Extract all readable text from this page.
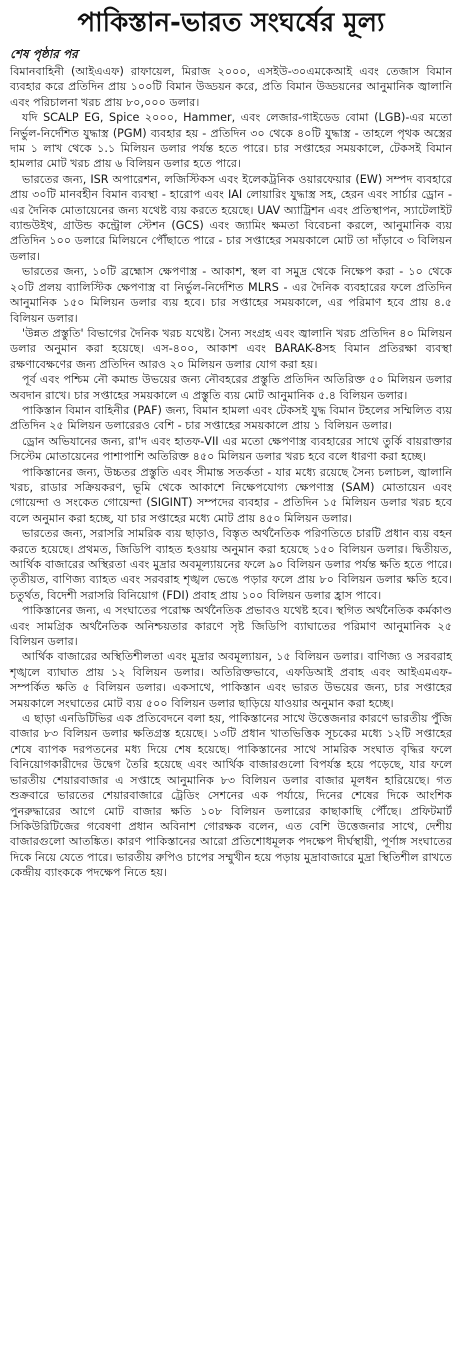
পাকিস্তান-ভারত সংঘর্ষের মূল্য
শেষ পৃষ্ঠার পর

বিমানবাহিনী (আইএএফ) রাফায়েল, মিরাজ ২০০০, এসইউ-৩০এমকেআই এবং তেজাস বিমান ব্যবহার করে প্রতিদিন প্রায় ১০০টি বিমান উড্ডয়ন করে, প্রতি বিমান উড্ডয়নের আনুমানিক জ্বালানি এবং পরিচালনা খরচ প্রায় ৮০,০০০ ডলার।

যদি SCALP EG, Spice ২০০০, Hammer, এবং লেজার-গাইডেড বোমা (LGB)-এর মতো নির্ভুল-নির্দেশিত যুদ্ধাস্ত্র (PGM) ব্যবহার হয় - প্রতিদিন ৩০ থেকে ৪০টি যুদ্ধাস্ত্র - তাহলে পৃথক অস্ত্রের দাম ১ লাখ থেকে ১.১ মিলিয়ন ডলার পর্যন্ত হতে পারে। চার সপ্তাহের সময়কালে, টেকসই বিমান হামলার মোট খরচ প্রায় ৬ বিলিয়ন ডলার হতে পারে।

ভারতের জন্য, ISR অপারেশন, লজিস্টিকস এবং ইলেকট্রনিক ওয়ারফেয়ার (EW) সম্পদ ব্যবহারে প্রায় ৩০টি মানবহীন বিমান ব্যবস্থা - হারোপ এবং IAI লোয়ারিং যুদ্ধাস্ত্র সহ, হেরন এবং সার্চার ড্রোন - এর দৈনিক মোতায়েনের জন্য যথেষ্ট ব্যয় করতে হয়েছে। UAV অ্যাট্রিশন এবং প্রতিস্থাপন, স্যাটেলাইট ব্যান্ডউইথ, গ্রাউন্ড কন্ট্রোল স্টেশন (GCS) এবং জ্যামিং ক্ষমতা বিবেচনা করলে, আনুমানিক ব্যয় প্রতিদিন ১০০ ডলারে মিলিয়নে পৌঁছাতে পারে - চার সপ্তাহের সময়কালে মোট তা দাঁড়াবে ৩ বিলিয়ন ডলার।

ভারতের জন্য, ১০টি ব্রহ্মোস ক্ষেপণাস্ত্র - আকাশ, স্থল বা সমুদ্র থেকে নিক্ষেপ করা - ১০ থেকে ২০টি প্রলয় ব্যালিস্টিক ক্ষেপণাস্ত্র বা নির্ভুল-নির্দেশিত MLRS - এর দৈনিক ব্যবহারের ফলে প্রতিদিন আনুমানিক ১৫০ মিলিয়ন ডলার ব্যয় হবে। চার সপ্তাহের সময়কালে, এর পরিমাণ হবে প্রায় ৪.৫ বিলিয়ন ডলার।

'উন্নত প্রস্তুতি' বিভাগের দৈনিক খরচ যথেষ্ট। সৈন্য সংগ্রহ এবং জ্বালানি খরচ প্রতিদিন ৪০ মিলিয়ন ডলার অনুমান করা হয়েছে। এস-৪০০, আকাশ এবং BARAK-8সহ বিমান প্রতিরক্ষা ব্যবস্থা রক্ষণাবেক্ষণের জন্য প্রতিদিন আরও ২০ মিলিয়ন ডলার যোগ করা হয়।

পূর্ব এবং পশ্চিম নৌ কমান্ড উভয়ের জন্য নৌবহরের প্রস্তুতি প্রতিদিন অতিরিক্ত ৫০ মিলিয়ন ডলার অবদান রাখে। চার সপ্তাহের সময়কালে এ প্রস্তুতি ব্যয় মোট আনুমানিক ৫.৪ বিলিয়ন ডলার।

পাকিস্তান বিমান বাহিনীর (PAF) জন্য, বিমান হামলা এবং টেকসই যুদ্ধ বিমান টহলের সম্মিলিত ব্যয় প্রতিদিন ২৫ মিলিয়ন ডলারেরও বেশি - চার সপ্তাহের সময়কালে প্রায় ১ বিলিয়ন ডলার।

ড্রোন অভিযানের জন্য, রা'দ এবং হাতফ-VII এর মতো ক্ষেপণাস্ত্র ব্যবহারের সাথে তুর্কি বায়রাক্তার সিস্টেম মোতায়েনের পাশাপাশি অতিরিক্ত ৪৫০ মিলিয়ন ডলার খরচ হবে বলে ধারণা করা হচ্ছে।

পাকিস্তানের জন্য, উচ্চতর প্রস্তুতি এবং সীমান্ত সতর্কতা - যার মধ্যে রয়েছে সৈন্য চলাচল, জ্বালানি খরচ, রাডার সক্রিয়করণ, ভূমি থেকে আকাশে নিক্ষেপযোগ্য ক্ষেপণাস্ত্র (SAM) মোতায়েন এবং গোয়েন্দা ও সংকেত গোয়েন্দা (SIGINT) সম্পদের ব্যবহার - প্রতিদিন ১৫ মিলিয়ন ডলার খরচ হবে বলে অনুমান করা হচ্ছে, যা চার সপ্তাহের মধ্যে মোট প্রায় ৪৫০ মিলিয়ন ডলার।

ভারতের জন্য, সরাসরি সামরিক ব্যয় ছাড়াও, বিস্তৃত অর্থনৈতিক পরিণতিতে চারটি প্রধান ব্যয় বহন করতে হয়েছে। প্রথমত, জিডিপি ব্যাহত হওয়ায় অনুমান করা হয়েছে ১৫০ বিলিয়ন ডলার। দ্বিতীয়ত, আর্থিক বাজারের অস্থিরতা এবং মুদ্রার অবমূল্যায়নের ফলে ৯০ বিলিয়ন ডলার পর্যন্ত ক্ষতি হতে পারে। তৃতীয়ত, বাণিজ্য ব্যাহত এবং সরবরাহ শৃঙ্খল ভেঙে পড়ার ফলে প্রায় ৮০ বিলিয়ন ডলার ক্ষতি হবে। চতুর্থত, বিদেশী সরাসরি বিনিয়োগ (FDI) প্রবাহ প্রায় ১০০ বিলিয়ন ডলার হ্রাস পাবে।

পাকিস্তানের জন্য, এ সংঘাতের পরোক্ষ অর্থনৈতিক প্রভাবও যথেষ্ট হবে। স্থগিত অর্থনৈতিক কর্মকাণ্ড এবং সামগ্রিক অর্থনৈতিক অনিশ্চয়তার কারণে সৃষ্ট জিডিপি ব্যাঘাতের পরিমাণ আনুমানিক ২৫ বিলিয়ন ডলার।

আর্থিক বাজারের অস্থিতিশীলতা এবং মুদ্রার অবমূল্যায়ন, ১৫ বিলিয়ন ডলার। বাণিজ্য ও সরবরাহ শৃঙ্খলে ব্যাঘাত প্রায় ১২ বিলিয়ন ডলার। অতিরিক্তভাবে, এফডিআই প্রবাহ এবং আইএমএফ-সম্পর্কিত ক্ষতি ৫ বিলিয়ন ডলার। একসাথে, পাকিস্তান এবং ভারত উভয়ের জন্য, চার সপ্তাহের সময়কালে সংঘাতের মোট ব্যয় ৫০০ বিলিয়ন ডলার ছাড়িয়ে যাওয়ার অনুমান করা হচ্ছে।

এ ছাড়া এনডিটিভির এক প্রতিবেদনে বলা হয়, পাকিস্তানের সাথে উত্তেজনার কারণে ভারতীয় পুঁজি বাজার ৮৩ বিলিয়ন ডলার ক্ষতিগ্রস্ত হয়েছে। ১৩টি প্রধান খাতভিত্তিক সূচকের মধ্যে ১২টি সপ্তাহের শেষে ব্যাপক দরপতনের মধ্য দিয়ে শেষ হয়েছে। পাকিস্তানের সাথে সামরিক সংঘাত বৃদ্ধির ফলে বিনিয়োগকারীদের উদ্বেগ তৈরি হয়েছে এবং আর্থিক বাজারগুলো বিপর্যস্ত হয়ে পড়েছে, যার ফলে ভারতীয় শেয়ারবাজার এ সপ্তাহে আনুমানিক ৮৩ বিলিয়ন ডলার বাজার মূলধন হারিয়েছে। গত শুক্রবারে ভারতের শেয়ারবাজারে ট্রেডিং সেশনের এক পর্যায়ে, দিনের শেষের দিকে আংশিক পুনরুদ্ধারের আগে মোট বাজার ক্ষতি ১০৮ বিলিয়ন ডলারের কাছাকাছি পৌঁছে। প্রফিটমার্ট সিকিউরিটিজের গবেষণা প্রধান অবিনাশ গোরক্ষক বলেন, এত বেশি উত্তেজনার সাথে, দেশীয় বাজারগুলো আতঙ্কিত। কারণ পাকিস্তানের আরো প্রতিশোধমূলক পদক্ষেপ দীর্ঘস্থায়ী, পূর্ণাঙ্গ সংঘাতের দিকে নিয়ে যেতে পারে। ভারতীয় রুপিও চাপের সম্মুখীন হয়ে পড়ায় মুদ্রাবাজারে মুদ্রা স্থিতিশীল রাখতে কেন্দ্রীয় ব্যাংককে পদক্ষেপ নিতে হয়।
